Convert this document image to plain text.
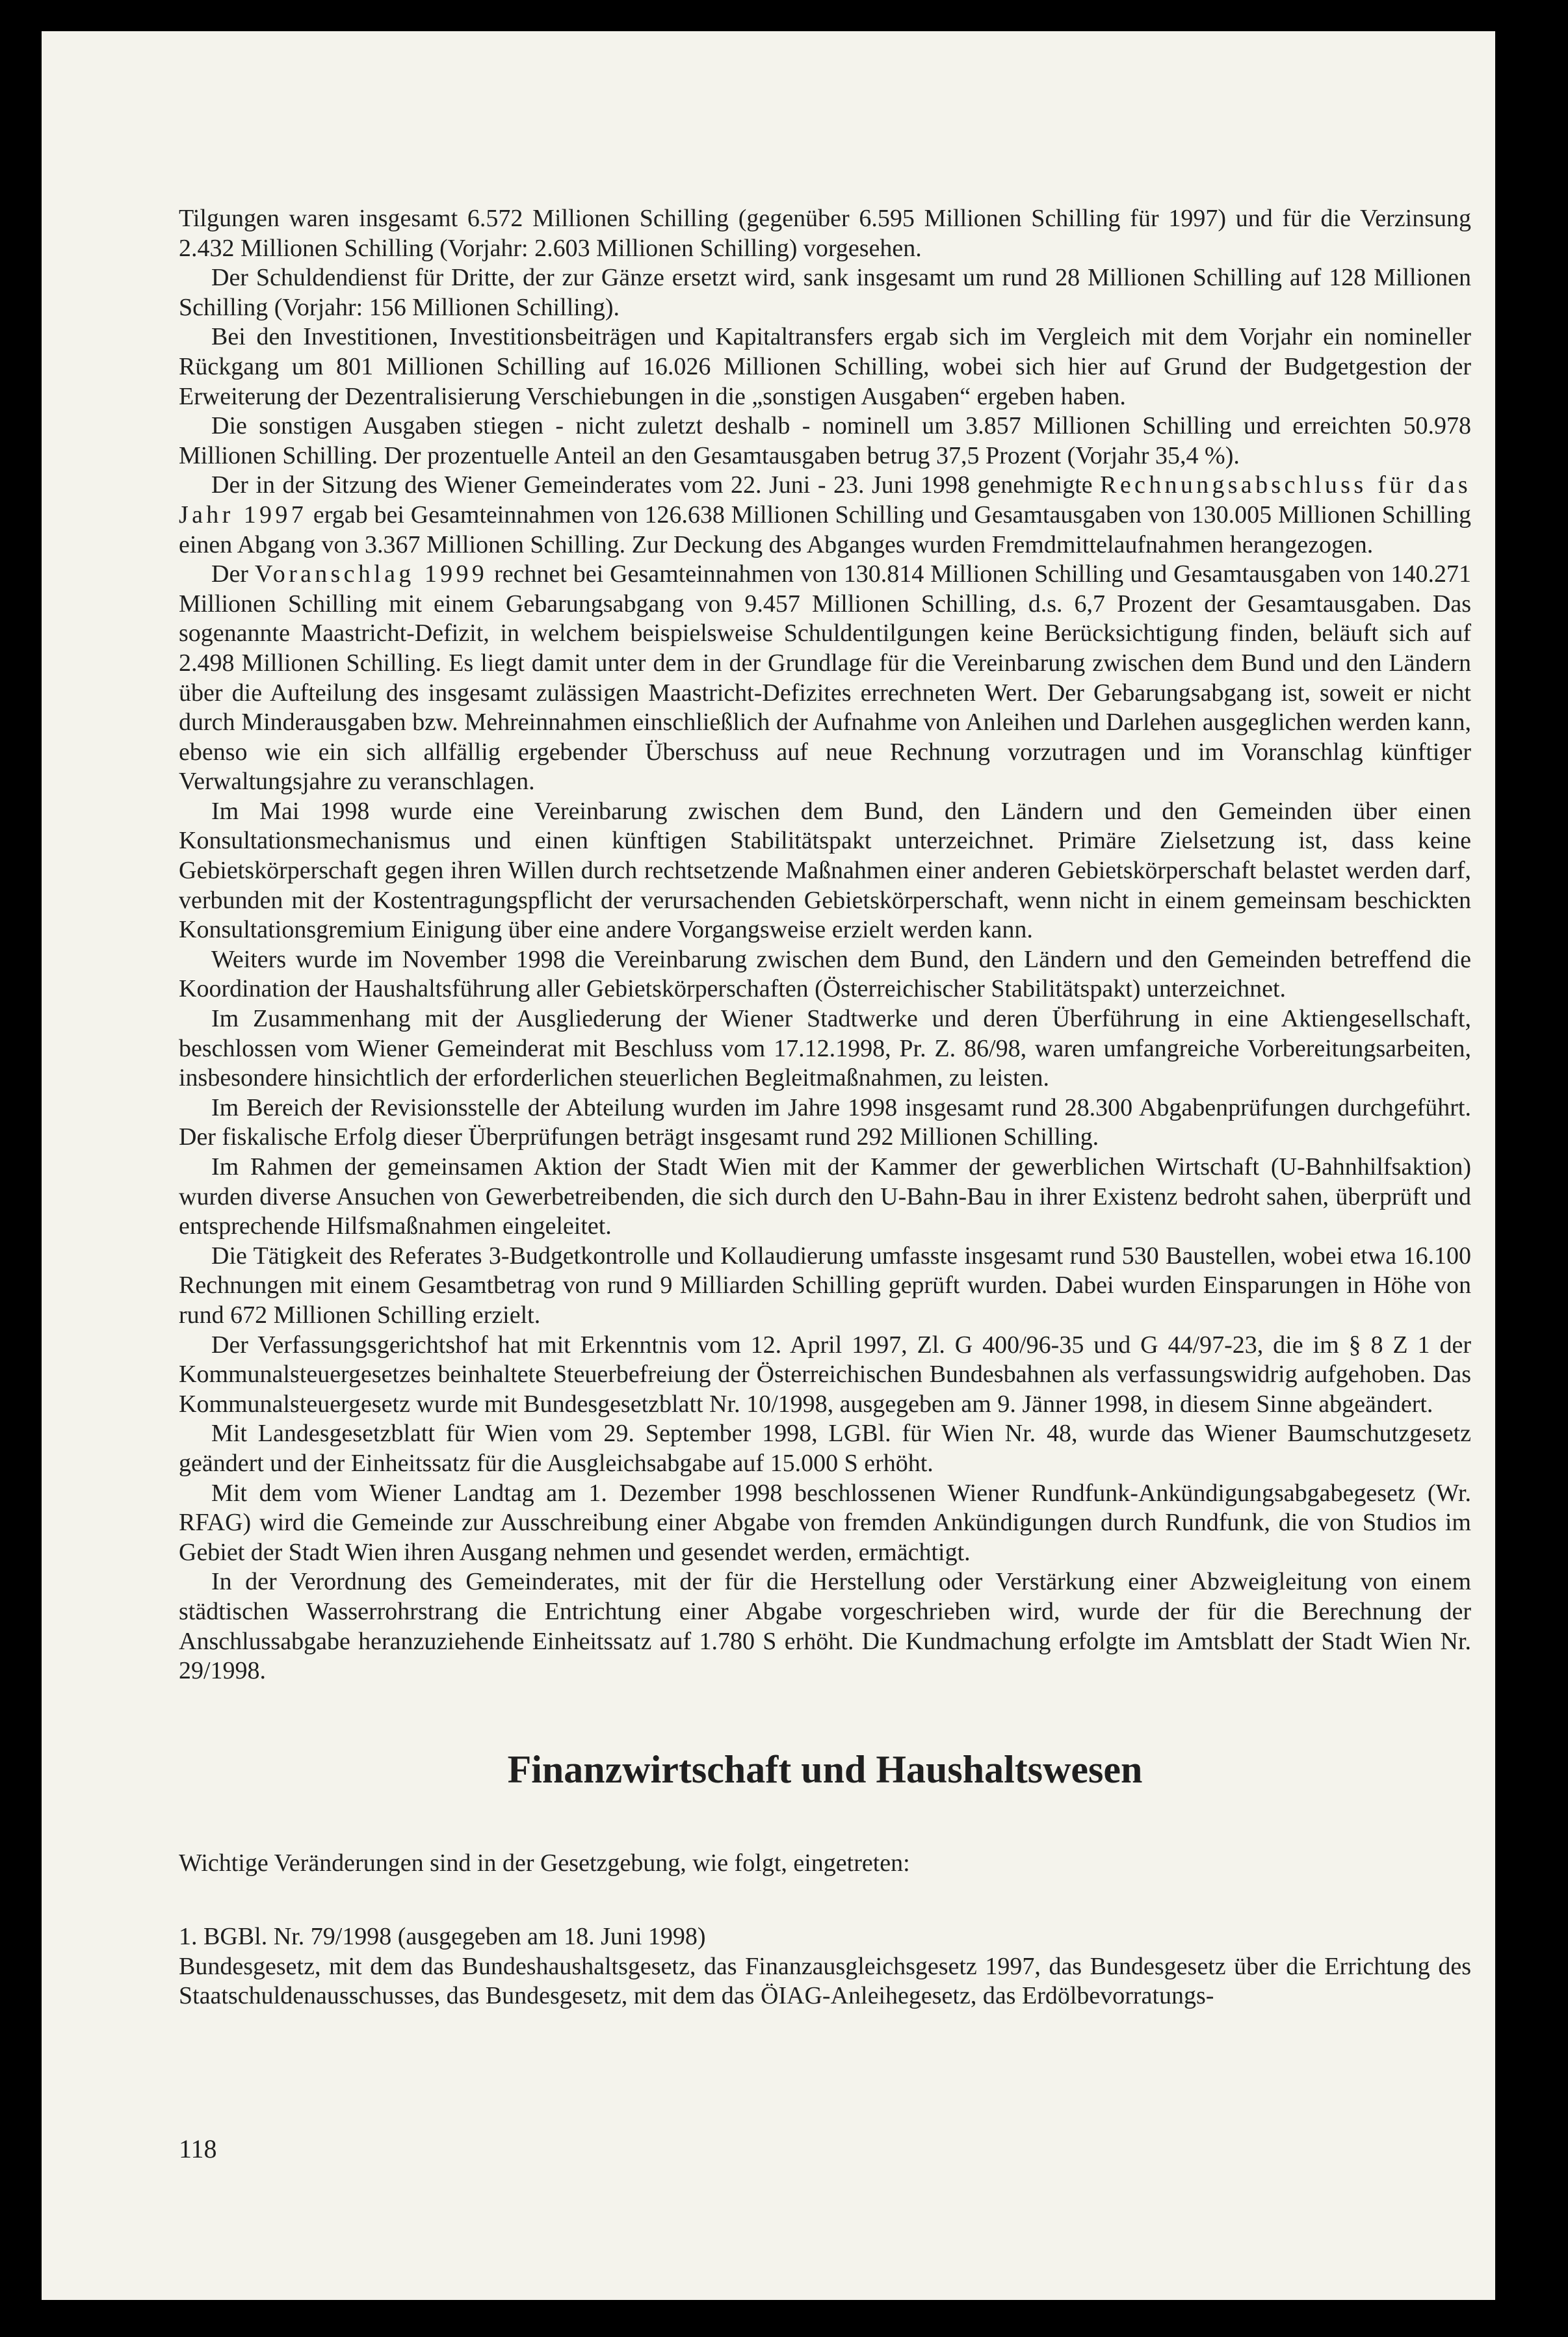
Tilgungen waren insgesamt 6.572 Millionen Schilling (gegenüber 6.595 Millionen Schilling für 1997) und für die Verzinsung 2.432 Millionen Schilling (Vorjahr: 2.603 Millionen Schilling) vorgesehen.

Der Schuldendienst für Dritte, der zur Gänze ersetzt wird, sank insgesamt um rund 28 Millionen Schilling auf 128 Millionen Schilling (Vorjahr: 156 Millionen Schilling).

Bei den Investitionen, Investitionsbeiträgen und Kapitaltransfers ergab sich im Vergleich mit dem Vorjahr ein nomineller Rückgang um 801 Millionen Schilling auf 16.026 Millionen Schilling, wobei sich hier auf Grund der Budgetgestion der Erweiterung der Dezentralisierung Verschiebungen in die „sonstigen Ausgaben“ ergeben haben.

Die sonstigen Ausgaben stiegen - nicht zuletzt deshalb - nominell um 3.857 Millionen Schilling und erreichten 50.978 Millionen Schilling. Der prozentuelle Anteil an den Gesamtausgaben betrug 37,5 Prozent (Vorjahr 35,4 %).

Der in der Sitzung des Wiener Gemeinderates vom 22. Juni - 23. Juni 1998 genehmigte Rechnungsabschluss für das Jahr 1997 ergab bei Gesamteinnahmen von 126.638 Millionen Schilling und Gesamtausgaben von 130.005 Millionen Schilling einen Abgang von 3.367 Millionen Schilling. Zur Deckung des Abganges wurden Fremdmittelaufnahmen herangezogen.

Der Voranschlag 1999 rechnet bei Gesamteinnahmen von 130.814 Millionen Schilling und Gesamtausgaben von 140.271 Millionen Schilling mit einem Gebarungsabgang von 9.457 Millionen Schilling, d.s. 6,7 Prozent der Gesamtausgaben. Das sogenannte Maastricht-Defizit, in welchem beispielsweise Schuldentilgungen keine Berücksichtigung finden, beläuft sich auf 2.498 Millionen Schilling. Es liegt damit unter dem in der Grundlage für die Vereinbarung zwischen dem Bund und den Ländern über die Aufteilung des insgesamt zulässigen Maastricht-Defizites errechneten Wert. Der Gebarungsabgang ist, soweit er nicht durch Minderausgaben bzw. Mehreinnahmen einschließlich der Aufnahme von Anleihen und Darlehen ausgeglichen werden kann, ebenso wie ein sich allfällig ergebender Überschuss auf neue Rechnung vorzutragen und im Voranschlag künftiger Verwaltungsjahre zu veranschlagen.

Im Mai 1998 wurde eine Vereinbarung zwischen dem Bund, den Ländern und den Gemeinden über einen Konsultationsmechanismus und einen künftigen Stabilitätspakt unterzeichnet. Primäre Zielsetzung ist, dass keine Gebietskörperschaft gegen ihren Willen durch rechtsetzende Maßnahmen einer anderen Gebietskörperschaft belastet werden darf, verbunden mit der Kostentragungspflicht der verursachenden Gebietskörperschaft, wenn nicht in einem gemeinsam beschickten Konsultationsgremium Einigung über eine andere Vorgangsweise erzielt werden kann.

Weiters wurde im November 1998 die Vereinbarung zwischen dem Bund, den Ländern und den Gemeinden betreffend die Koordination der Haushaltsführung aller Gebietskörperschaften (Österreichischer Stabilitätspakt) unterzeichnet.

Im Zusammenhang mit der Ausgliederung der Wiener Stadtwerke und deren Überführung in eine Aktiengesellschaft, beschlossen vom Wiener Gemeinderat mit Beschluss vom 17.12.1998, Pr. Z. 86/98, waren umfangreiche Vorbereitungsarbeiten, insbesondere hinsichtlich der erforderlichen steuerlichen Begleitmaßnahmen, zu leisten.

Im Bereich der Revisionsstelle der Abteilung wurden im Jahre 1998 insgesamt rund 28.300 Abgabenprüfungen durchgeführt. Der fiskalische Erfolg dieser Überprüfungen beträgt insgesamt rund 292 Millionen Schilling.

Im Rahmen der gemeinsamen Aktion der Stadt Wien mit der Kammer der gewerblichen Wirtschaft (U-Bahnhilfsaktion) wurden diverse Ansuchen von Gewerbetreibenden, die sich durch den U-Bahn-Bau in ihrer Existenz bedroht sahen, überprüft und entsprechende Hilfsmaßnahmen eingeleitet.

Die Tätigkeit des Referates 3-Budgetkontrolle und Kollaudierung umfasste insgesamt rund 530 Baustellen, wobei etwa 16.100 Rechnungen mit einem Gesamtbetrag von rund 9 Milliarden Schilling geprüft wurden. Dabei wurden Einsparungen in Höhe von rund 672 Millionen Schilling erzielt.

Der Verfassungsgerichtshof hat mit Erkenntnis vom 12. April 1997, Zl. G 400/96-35 und G 44/97-23, die im § 8 Z 1 der Kommunalsteuergesetzes beinhaltete Steuerbefreiung der Österreichischen Bundesbahnen als verfassungswidrig aufgehoben. Das Kommunalsteuergesetz wurde mit Bundesgesetzblatt Nr. 10/1998, ausgegeben am 9. Jänner 1998, in diesem Sinne abgeändert.

Mit Landesgesetzblatt für Wien vom 29. September 1998, LGBl. für Wien Nr. 48, wurde das Wiener Baumschutzgesetz geändert und der Einheitssatz für die Ausgleichsabgabe auf 15.000 S erhöht.

Mit dem vom Wiener Landtag am 1. Dezember 1998 beschlossenen Wiener Rundfunk-Ankündigungsabgabegesetz (Wr. RFAG) wird die Gemeinde zur Ausschreibung einer Abgabe von fremden Ankündigungen durch Rundfunk, die von Studios im Gebiet der Stadt Wien ihren Ausgang nehmen und gesendet werden, ermächtigt.

In der Verordnung des Gemeinderates, mit der für die Herstellung oder Verstärkung einer Abzweigleitung von einem städtischen Wasserrohrstrang die Entrichtung einer Abgabe vorgeschrieben wird, wurde der für die Berechnung der Anschlussabgabe heranzuziehende Einheitssatz auf 1.780 S erhöht. Die Kundmachung erfolgte im Amtsblatt der Stadt Wien Nr. 29/1998.

Finanzwirtschaft und Haushaltswesen

Wichtige Veränderungen sind in der Gesetzgebung, wie folgt, eingetreten:

1. BGBl. Nr. 79/1998 (ausgegeben am 18. Juni 1998)

Bundesgesetz, mit dem das Bundeshaushaltsgesetz, das Finanzausgleichsgesetz 1997, das Bundesgesetz über die Errichtung des Staatschuldenausschusses, das Bundesgesetz, mit dem das ÖIAG-Anleihegesetz, das Erdölbevorratungs-

118
